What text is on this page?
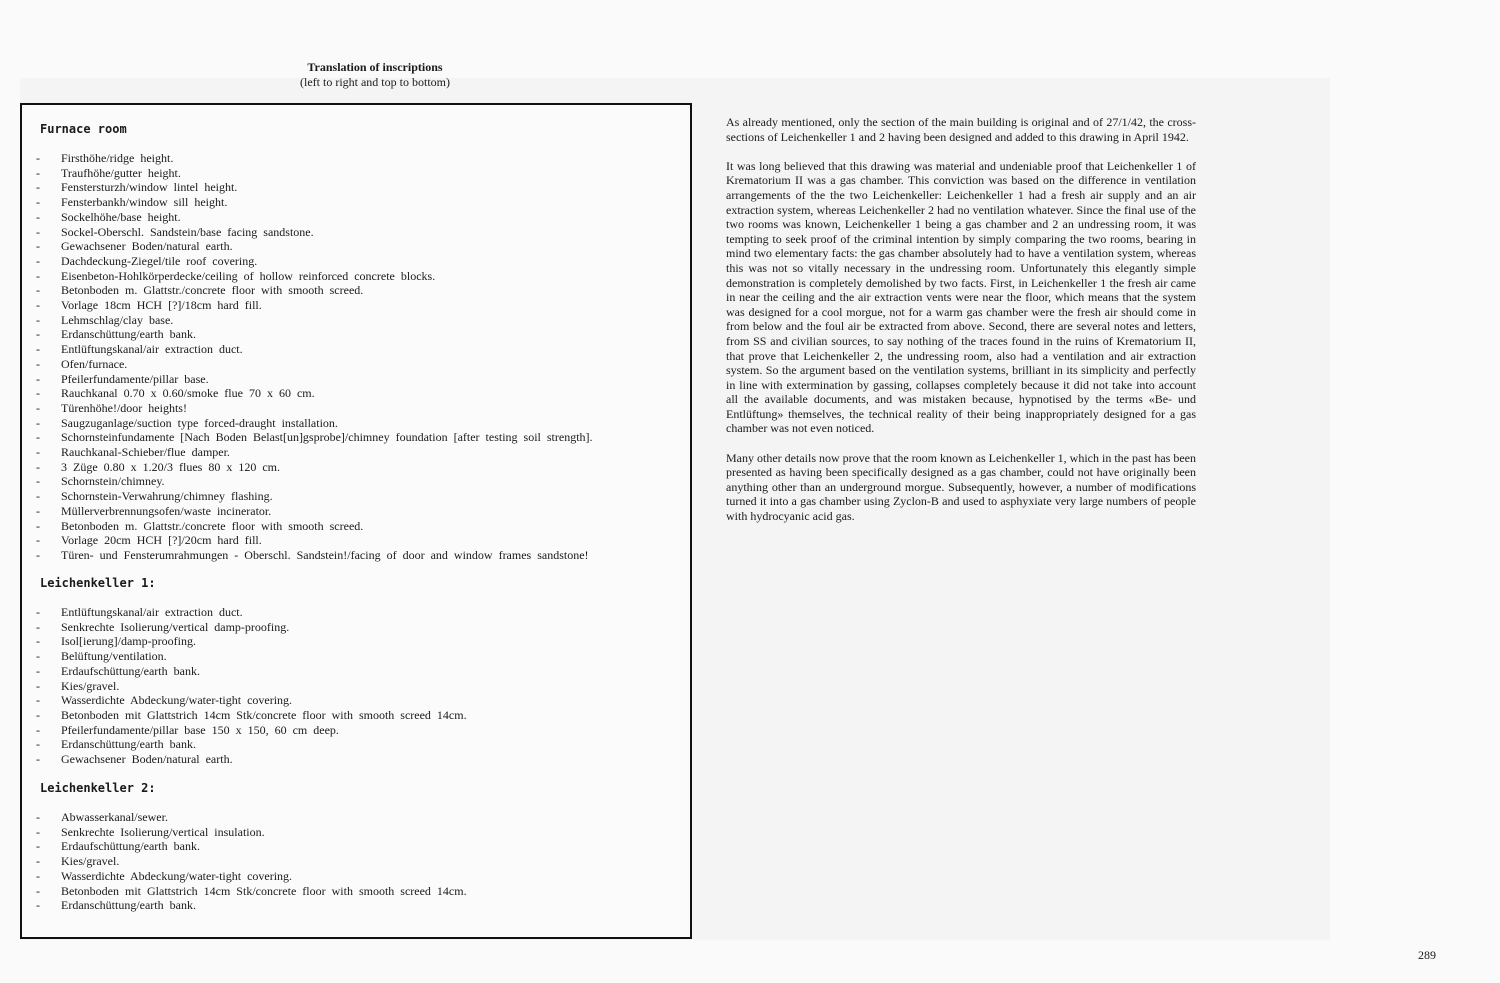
Translation of inscriptions
(left to right and top to bottom)
Furnace room
- Firsthöhe/ridge height.
- Traufhöhe/gutter height.
- Fenstersturzh/window lintel height.
- Fensterbankh/window sill height.
- Sockelhöhe/base height.
- Sockel-Oberschl. Sandstein/base facing sandstone.
- Gewachsener Boden/natural earth.
- Dachdeckung-Ziegel/tile roof covering.
- Eisenbeton-Hohlkörperdecke/ceiling of hollow reinforced concrete blocks.
- Betonboden m. Glattstr./concrete floor with smooth screed.
- Vorlage 18cm HCH [?]/18cm hard fill.
- Lehmschlag/clay base.
- Erdanschüttung/earth bank.
- Entlüftungskanal/air extraction duct.
- Ofen/furnace.
- Pfeilerfundamente/pillar base.
- Rauchkanal 0.70 x 0.60/smoke flue 70 x 60 cm.
- Türenhöhe!/door heights!
- Saugzuganlage/suction type forced-draught installation.
- Schornsteinfundamente [Nach Boden Belast[un]gsprobe]/chimney foundation [after testing soil strength].
- Rauchkanal-Schieber/flue damper.
- 3 Züge 0.80 x 1.20/3 flues 80 x 120 cm.
- Schornstein/chimney.
- Schornstein-Verwahrung/chimney flashing.
- Müllerverbrennungsofen/waste incinerator.
- Betonboden m. Glattstr./concrete floor with smooth screed.
- Vorlage 20cm HCH [?]/20cm hard fill.
- Türen- und Fensterumrahmungen - Oberschl. Sandstein!/facing of door and window frames sandstone!
Leichenkeller 1:
- Entlüftungskanal/air extraction duct.
- Senkrechte Isolierung/vertical damp-proofing.
- Isol[ierung]/damp-proofing.
- Belüftung/ventilation.
- Erdaufschüttung/earth bank.
- Kies/gravel.
- Wasserdichte Abdeckung/water-tight covering.
- Betonboden mit Glattstrich 14cm Stk/concrete floor with smooth screed 14cm.
- Pfeilerfundamente/pillar base 150 x 150, 60 cm deep.
- Erdanschüttung/earth bank.
- Gewachsener Boden/natural earth.
Leichenkeller 2:
- Abwasserkanal/sewer.
- Senkrechte Isolierung/vertical insulation.
- Erdaufschüttung/earth bank.
- Kies/gravel.
- Wasserdichte Abdeckung/water-tight covering.
- Betonboden mit Glattstrich 14cm Stk/concrete floor with smooth screed 14cm.
- Erdanschüttung/earth bank.

As already mentioned, only the section of the main building is original and of 27/1/42, the cross-sections of Leichenkeller 1 and 2 having been designed and added to this drawing in April 1942.

It was long believed that this drawing was material and undeniable proof that Leichenkeller 1 of Krematorium II was a gas chamber. This conviction was based on the difference in ventilation arrangements of the the two Leichenkeller: Leichenkeller 1 had a fresh air supply and an air extraction system, whereas Leichenkeller 2 had no ventilation whatever. Since the final use of the two rooms was known, Leichenkeller 1 being a gas chamber and 2 an undressing room, it was tempting to seek proof of the criminal intention by simply comparing the two rooms, bearing in mind two elementary facts: the gas chamber absolutely had to have a ventilation system, whereas this was not so vitally necessary in the undressing room. Unfortunately this elegantly simple demonstration is completely demolished by two facts. First, in Leichenkeller 1 the fresh air came in near the ceiling and the air extraction vents were near the floor, which means that the system was designed for a cool morgue, not for a warm gas chamber were the fresh air should come in from below and the foul air be extracted from above. Second, there are several notes and letters, from SS and civilian sources, to say nothing of the traces found in the ruins of Krematorium II, that prove that Leichenkeller 2, the undressing room, also had a ventilation and air extraction system. So the argument based on the ventilation systems, brilliant in its simplicity and perfectly in line with extermination by gassing, collapses completely because it did not take into account all the available documents, and was mistaken because, hypnotised by the terms «Be- und Entlüftung» themselves, the technical reality of their being inappropriately designed for a gas chamber was not even noticed.

Many other details now prove that the room known as Leichenkeller 1, which in the past has been presented as having been specifically designed as a gas chamber, could not have originally been anything other than an underground morgue. Subsequently, however, a number of modifications turned it into a gas chamber using Zyclon-B and used to asphyxiate very large numbers of people with hydrocyanic acid gas.

289
